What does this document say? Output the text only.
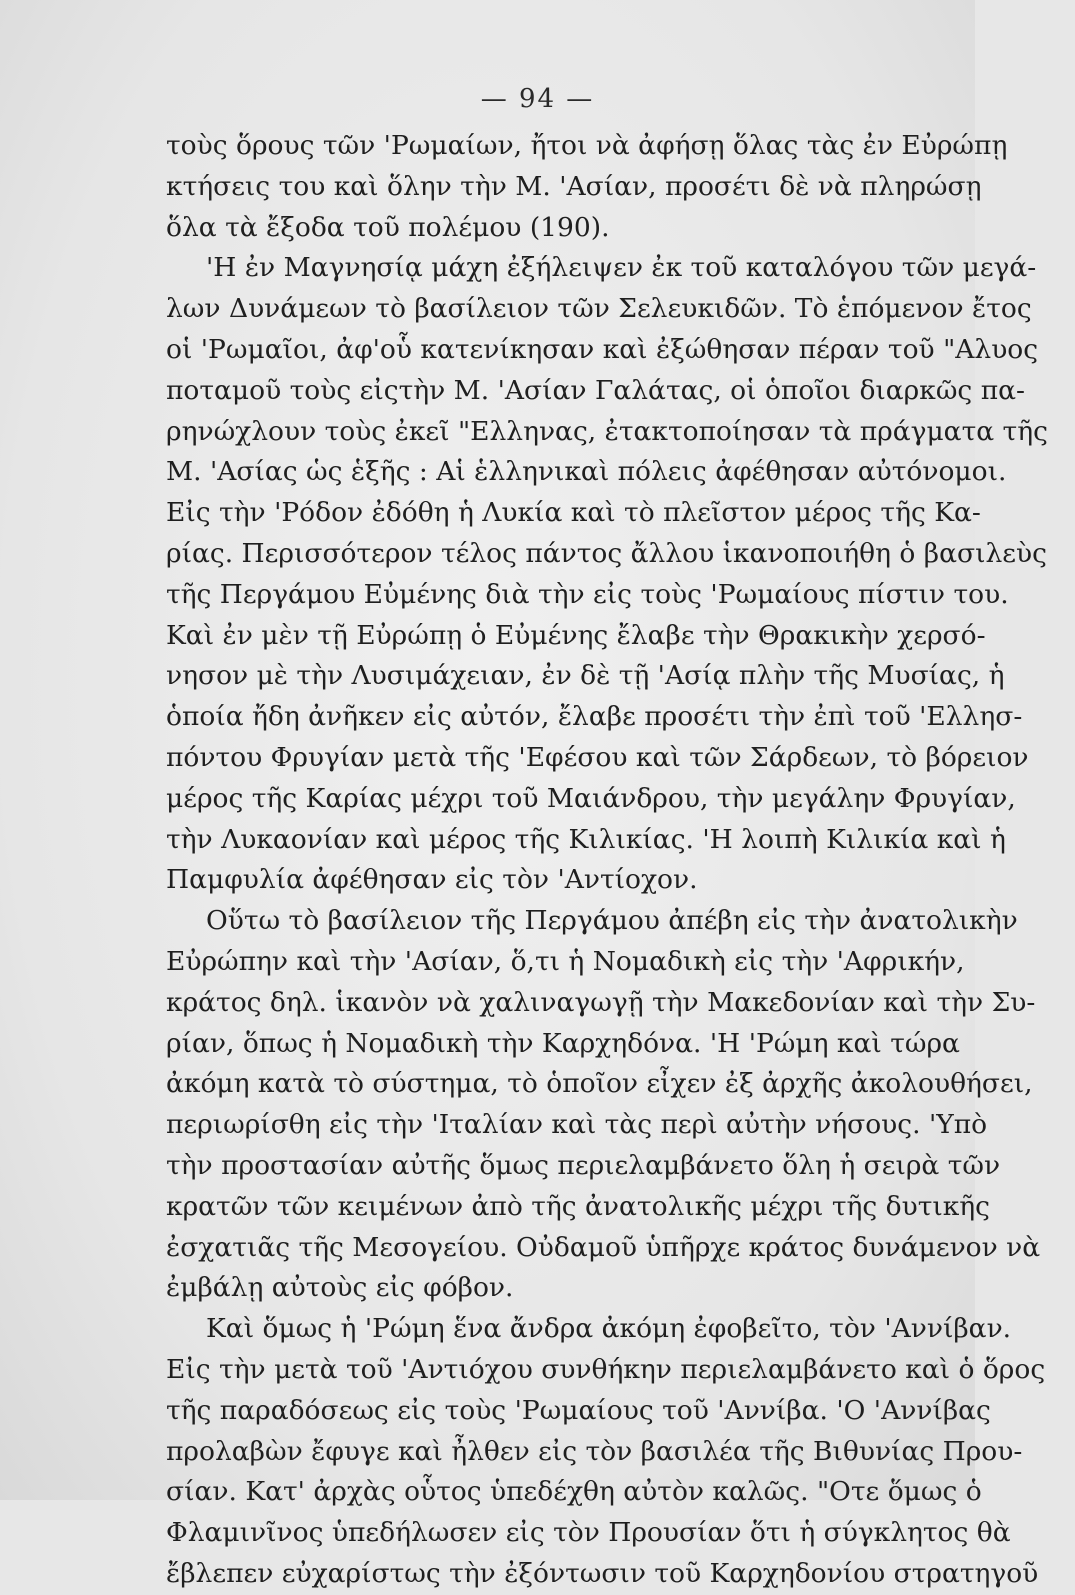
— 94 —
τοὺς ὅρους τῶν 'Ρωμαίων, ἤτοι νὰ ἀφήσῃ ὅλας τὰς ἐν Εὐρώπῃ
κτήσεις του καὶ ὅλην τὴν Μ. 'Ασίαν, προσέτι δὲ νὰ πληρώσῃ
ὅλα τὰ ἔξοδα τοῦ πολέμου (190).
'Η ἐν Μαγνησίᾳ μάχη ἐξήλειψεν ἐκ τοῦ καταλόγου τῶν μεγά-
λων Δυνάμεων τὸ βασίλειον τῶν Σελευκιδῶν. Τὸ ἑπόμενον ἔτος
οἱ 'Ρωμαῖοι, ἀφ'οὗ κατενίκησαν καὶ ἐξώθησαν πέραν τοῦ "Αλυος
ποταμοῦ τοὺς εἰςτὴν Μ. 'Ασίαν Γαλάτας, οἱ ὁποῖοι διαρκῶς πα-
ρηνώχλουν τοὺς ἐκεῖ "Ελληνας, ἐτακτοποίησαν τὰ πράγματα τῆς
Μ. 'Ασίας ὡς ἑξῆς : Αἱ ἑλληνικαὶ πόλεις ἀφέθησαν αὐτόνομοι.
Εἰς τὴν 'Ρόδον ἐδόθη ἡ Λυκία καὶ τὸ πλεῖστον μέρος τῆς Κα-
ρίας. Περισσότερον τέλος πάντος ἄλλου ἱκανοποιήθη ὁ βασιλεὺς
τῆς Περγάμου Εὐμένης διὰ τὴν εἰς τοὺς 'Ρωμαίους πίστιν του.
Καὶ ἐν μὲν τῇ Εὐρώπῃ ὁ Εὐμένης ἔλαβε τὴν Θρακικὴν χερσό-
νησον μὲ τὴν Λυσιμάχειαν, ἐν δὲ τῇ 'Ασίᾳ πλὴν τῆς Μυσίας, ἡ
ὁποία ἤδη ἀνῆκεν εἰς αὐτόν, ἔλαβε προσέτι τὴν ἐπὶ τοῦ 'Ελλησ-
πόντου Φρυγίαν μετὰ τῆς 'Εφέσου καὶ τῶν Σάρδεων, τὸ βόρειον
μέρος τῆς Καρίας μέχρι τοῦ Μαιάνδρου, τὴν μεγάλην Φρυγίαν,
τὴν Λυκαονίαν καὶ μέρος τῆς Κιλικίας. 'Η λοιπὴ Κιλικία καὶ ἡ
Παμφυλία ἀφέθησαν εἰς τὸν 'Αντίοχον.
Οὕτω τὸ βασίλειον τῆς Περγάμου ἀπέβη εἰς τὴν ἀνατολικὴν
Εὐρώπην καὶ τὴν 'Ασίαν, ὅ,τι ἡ Νομαδικὴ εἰς τὴν 'Αφρικήν,
κράτος δηλ. ἱκανὸν νὰ χαλιναγωγῇ τὴν Μακεδονίαν καὶ τὴν Συ-
ρίαν, ὅπως ἡ Νομαδικὴ τὴν Καρχηδόνα. 'Η 'Ρώμη καὶ τώρα
ἀκόμη κατὰ τὸ σύστημα, τὸ ὁποῖον εἶχεν ἐξ ἀρχῆς ἀκολουθήσει,
περιωρίσθη εἰς τὴν 'Ιταλίαν καὶ τὰς περὶ αὐτὴν νήσους. 'Υπὸ
τὴν προστασίαν αὐτῆς ὅμως περιελαμβάνετο ὅλη ἡ σειρὰ τῶν
κρατῶν τῶν κειμένων ἀπὸ τῆς ἀνατολικῆς μέχρι τῆς δυτικῆς
ἐσχατιᾶς τῆς Μεσογείου. Οὐδαμοῦ ὑπῆρχε κράτος δυνάμενον νὰ
ἐμβάλῃ αὐτοὺς εἰς φόβον.
Καὶ ὅμως ἡ 'Ρώμη ἕνα ἄνδρα ἀκόμη ἐφοβεῖτο, τὸν 'Αννίβαν.
Εἰς τὴν μετὰ τοῦ 'Αντιόχου συνθήκην περιελαμβάνετο καὶ ὁ ὅρος
τῆς παραδόσεως εἰς τοὺς 'Ρωμαίους τοῦ 'Αννίβα. 'Ο 'Αννίβας
προλαβὼν ἔφυγε καὶ ἦλθεν εἰς τὸν βασιλέα τῆς Βιθυνίας Πρου-
σίαν. Κατ' ἀρχὰς οὗτος ὑπεδέχθη αὐτὸν καλῶς. "Οτε ὅμως ὁ
Φλαμινῖνος ὑπεδήλωσεν εἰς τὸν Προυσίαν ὅτι ἡ σύγκλητος θὰ
ἔβλεπεν εὐχαρίστως τὴν ἐξόντωσιν τοῦ Καρχηδονίου στρατηγοῦ
